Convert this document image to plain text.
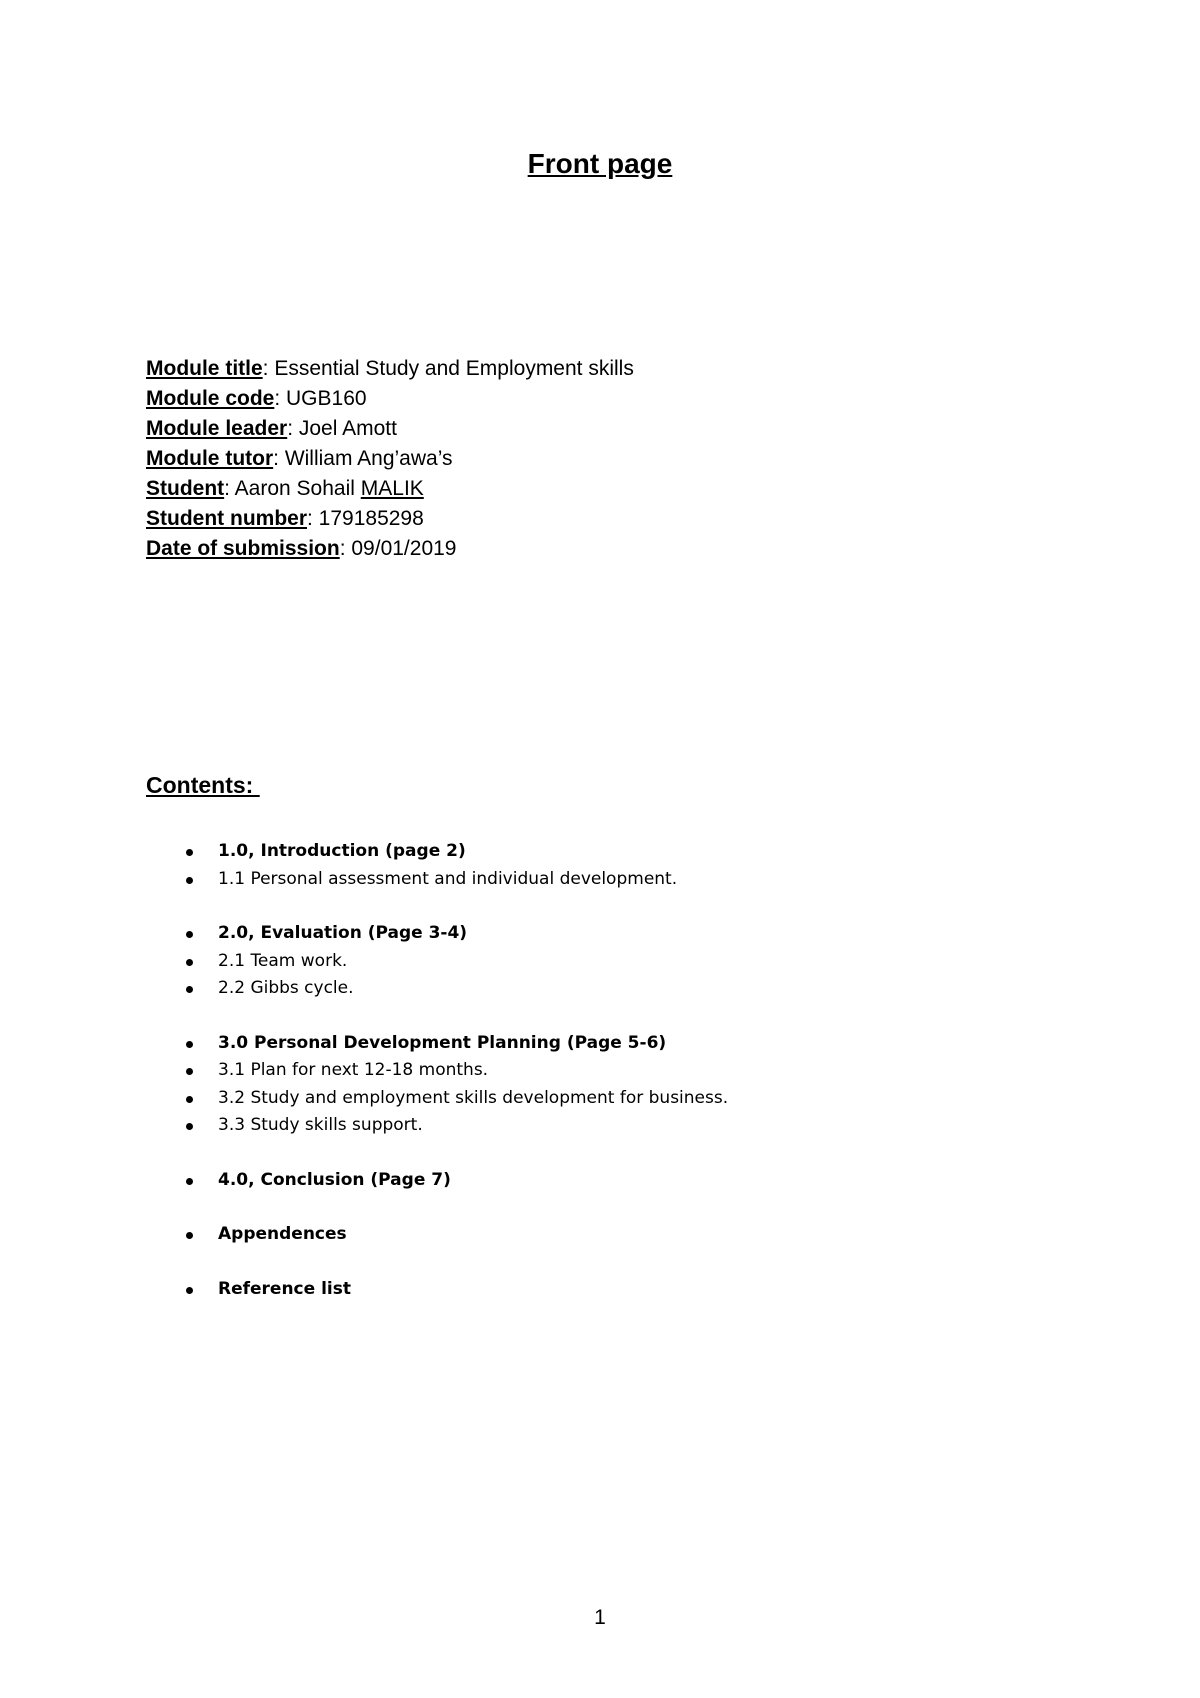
Front page
Module title: Essential Study and Employment skills
Module code: UGB160
Module leader: Joel Amott
Module tutor: William Ang’awa’s
Student: Aaron Sohail MALIK
Student number: 179185298
Date of submission: 09/01/2019
Contents:
1.0, Introduction (page 2)
1.1 Personal assessment and individual development.
2.0, Evaluation (Page 3-4)
2.1 Team work.
2.2 Gibbs cycle.
3.0 Personal Development Planning (Page 5-6)
3.1 Plan for next 12-18 months.
3.2 Study and employment skills development for business.
3.3 Study skills support.
4.0, Conclusion (Page 7)
Appendences
Reference list
1
